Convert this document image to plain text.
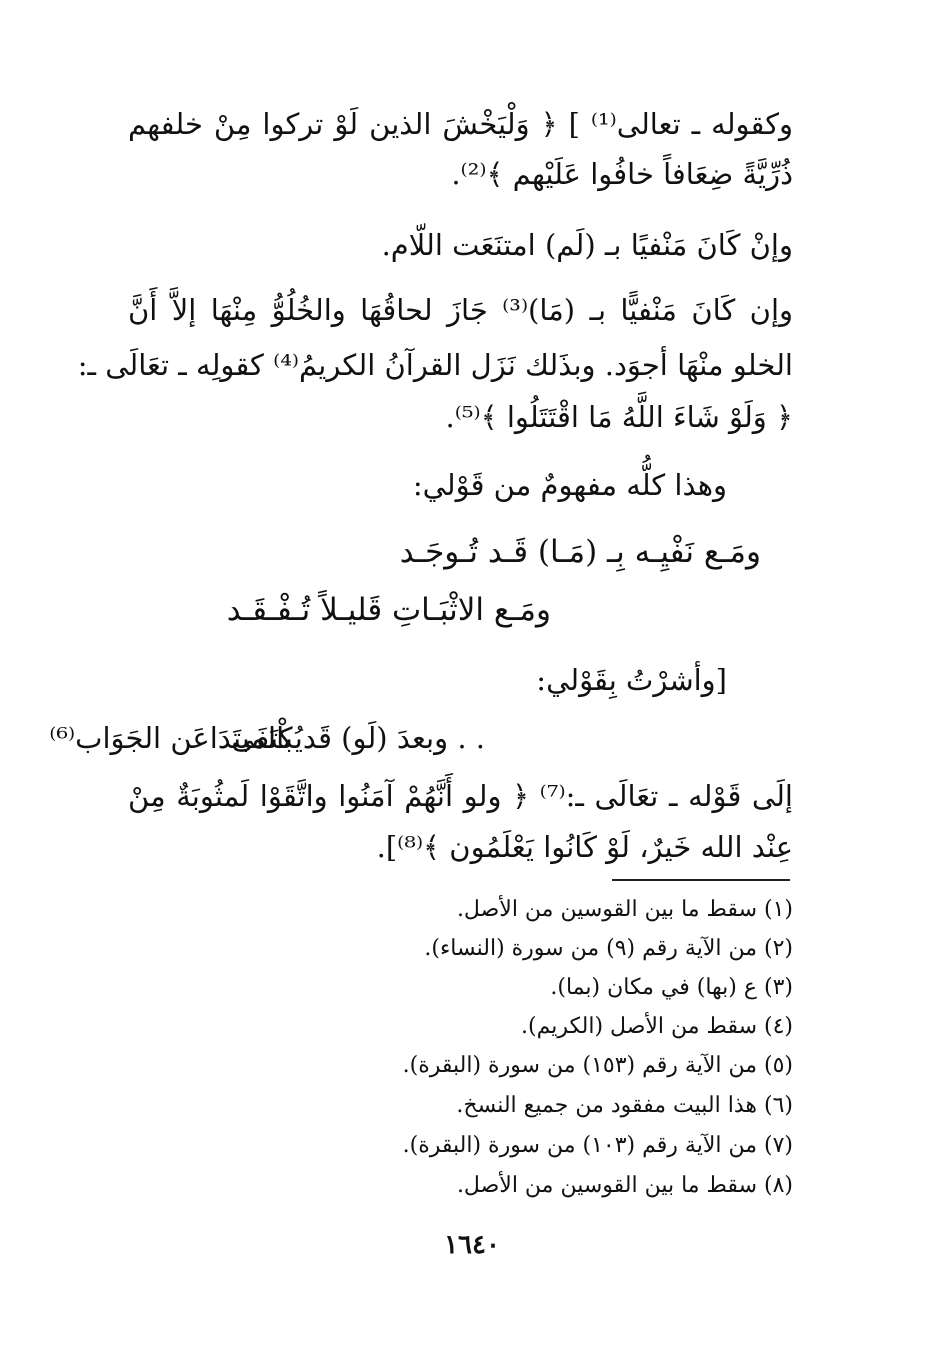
وكقوله ـ تعالى⁽¹⁾ ] ﴿ وَلْيَخْشَ الذين لَوْ تركوا مِنْ خلفهم
ذُرِّيَّةً ضِعَافاً خافُوا عَلَيْهم ﴾⁽²⁾.
وإنْ كَانَ مَنْفيًا بـ (لَم) امتنَعَت اللّام.
وإن كَانَ مَنْفيًّا بـ (مَا)⁽³⁾ جَازَ لحاقُهَا والخُلُوُّ مِنْهَا إلاَّ أَنَّ
الخلو منْهَا أجوَد. وبذَلك نَزَل القرآنُ الكريمُ⁽⁴⁾ كقولِه ـ تعَالَى ـ:
﴿ وَلَوْ شَاءَ اللَّهُ مَا اقْتَتَلُوا ﴾⁽⁵⁾.
وهذا كلُّه مفهومٌ من قَوْلي:
ومَـع نَفْيِـه بِـ (مَـا) قَـد تُـوجَـد
ومَـع الاثْبَـاتِ قَليـلاً تُـفْـقَـد
[وأشرْتُ بِقَوْلي:
. . وبعدَ (لَو) قَديُكْتَفَى
بالمبتَدَاعَن الجَوَاب⁽⁶⁾
إلَى قَوْله ـ تعَالَى ـ:⁽⁷⁾ ﴿ ولو أَنَّهُمْ آمَنُوا واتَّقَوْا لَمثُوبَةٌ مِنْ
عِنْد الله خَيرٌ، لَوْ كَانُوا يَعْلَمُون ﴾⁽⁸⁾].
(١) سقط ما بين القوسين من الأصل.
(٢) من الآية رقم (٩) من سورة (النساء).
(٣) ع (بها) في مكان (بما).
(٤) سقط من الأصل (الكريم).
(٥) من الآية رقم (١٥٣) من سورة (البقرة).
(٦) هذا البيت مفقود من جميع النسخ.
(٧) من الآية رقم (١٠٣) من سورة (البقرة).
(٨) سقط ما بين القوسين من الأصل.
١٦٤٠
